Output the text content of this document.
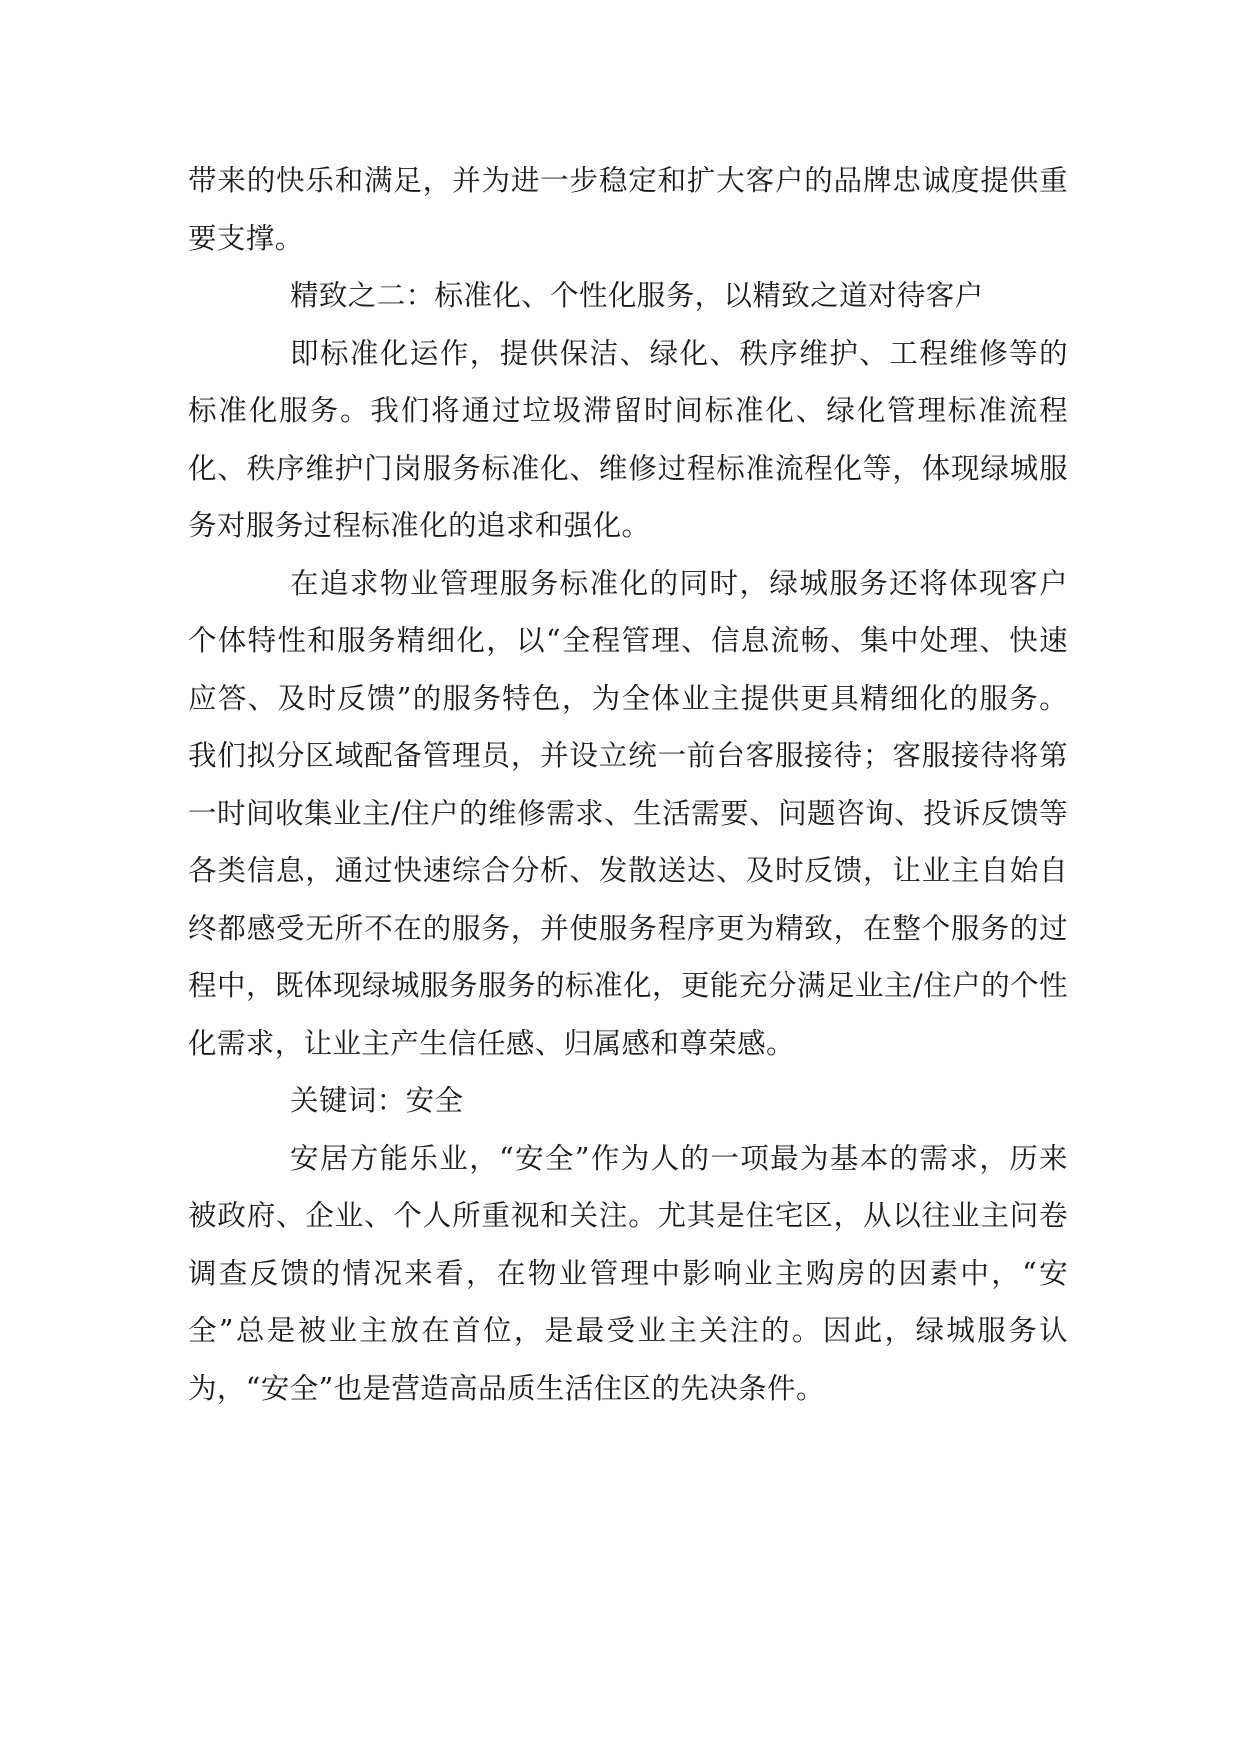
带来的快乐和满足，并为进一步稳定和扩大客户的品牌忠诚度提供重要支撑。

精致之二：标准化、个性化服务，以精致之道对待客户

即标准化运作，提供保洁、绿化、秩序维护、工程维修等的标准化服务。我们将通过垃圾滞留时间标准化、绿化管理标准流程化、秩序维护门岗服务标准化、维修过程标准流程化等，体现绿城服务对服务过程标准化的追求和强化。

在追求物业管理服务标准化的同时，绿城服务还将体现客户个体特性和服务精细化，以“全程管理、信息流畅、集中处理、快速应答、及时反馈”的服务特色，为全体业主提供更具精细化的服务。我们拟分区域配备管理员，并设立统一前台客服接待；客服接待将第一时间收集业主/住户的维修需求、生活需要、问题咨询、投诉反馈等各类信息，通过快速综合分析、发散送达、及时反馈，让业主自始自终都感受无所不在的服务，并使服务程序更为精致，在整个服务的过程中，既体现绿城服务服务的标准化，更能充分满足业主/住户的个性化需求，让业主产生信任感、归属感和尊荣感。

关键词：安全

安居方能乐业，“安全”作为人的一项最为基本的需求，历来被政府、企业、个人所重视和关注。尤其是住宅区，从以往业主问卷调查反馈的情况来看，在物业管理中影响业主购房的因素中，“安全”总是被业主放在首位，是最受业主关注的。因此，绿城服务认为，“安全”也是营造高品质生活住区的先决条件。
